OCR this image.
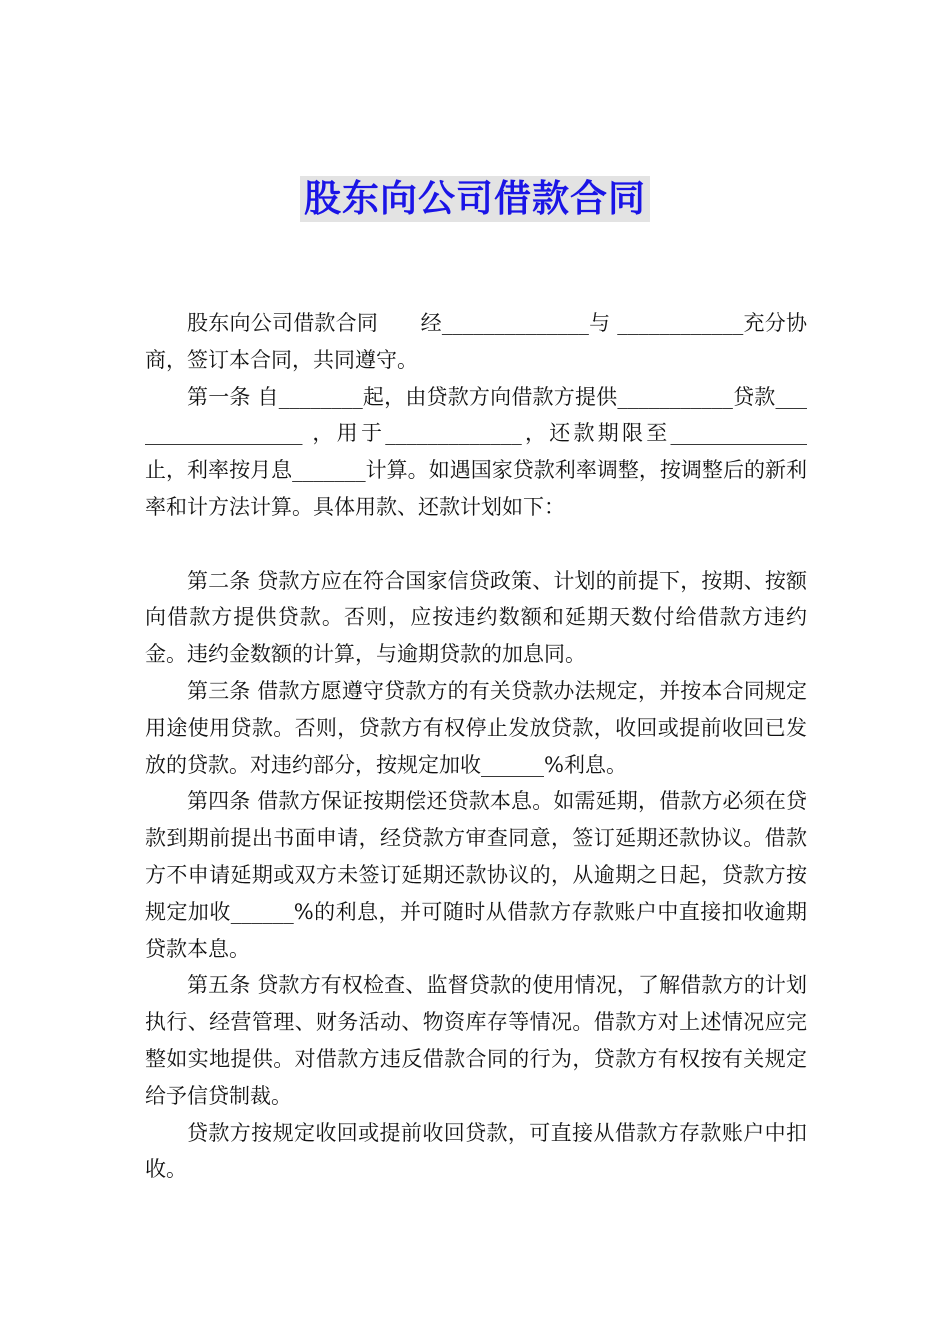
股东向公司借款合同

股东向公司借款合同　　经______________与 ____________充分协商，签订本合同，共同遵守。

第一条 自________起，由贷款方向借款方提供___________贷款__________________ ，用于_____________，还款期限至_____________止，利率按月息_______计算。如遇国家贷款利率调整，按调整后的新利率和计方法计算。具体用款、还款计划如下：

第二条 贷款方应在符合国家信贷政策、计划的前提下，按期、按额向借款方提供贷款。否则，应按违约数额和延期天数付给借款方违约金。违约金数额的计算，与逾期贷款的加息同。

第三条 借款方愿遵守贷款方的有关贷款办法规定，并按本合同规定用途使用贷款。否则，贷款方有权停止发放贷款，收回或提前收回已发放的贷款。对违约部分，按规定加收______%利息。

第四条 借款方保证按期偿还贷款本息。如需延期，借款方必须在贷款到期前提出书面申请，经贷款方审查同意，签订延期还款协议。借款方不申请延期或双方未签订延期还款协议的，从逾期之日起，贷款方按规定加收______%的利息，并可随时从借款方存款账户中直接扣收逾期贷款本息。

第五条 贷款方有权检查、监督贷款的使用情况，了解借款方的计划执行、经营管理、财务活动、物资库存等情况。借款方对上述情况应完整如实地提供。对借款方违反借款合同的行为，贷款方有权按有关规定给予信贷制裁。

贷款方按规定收回或提前收回贷款，可直接从借款方存款账户中扣收。
